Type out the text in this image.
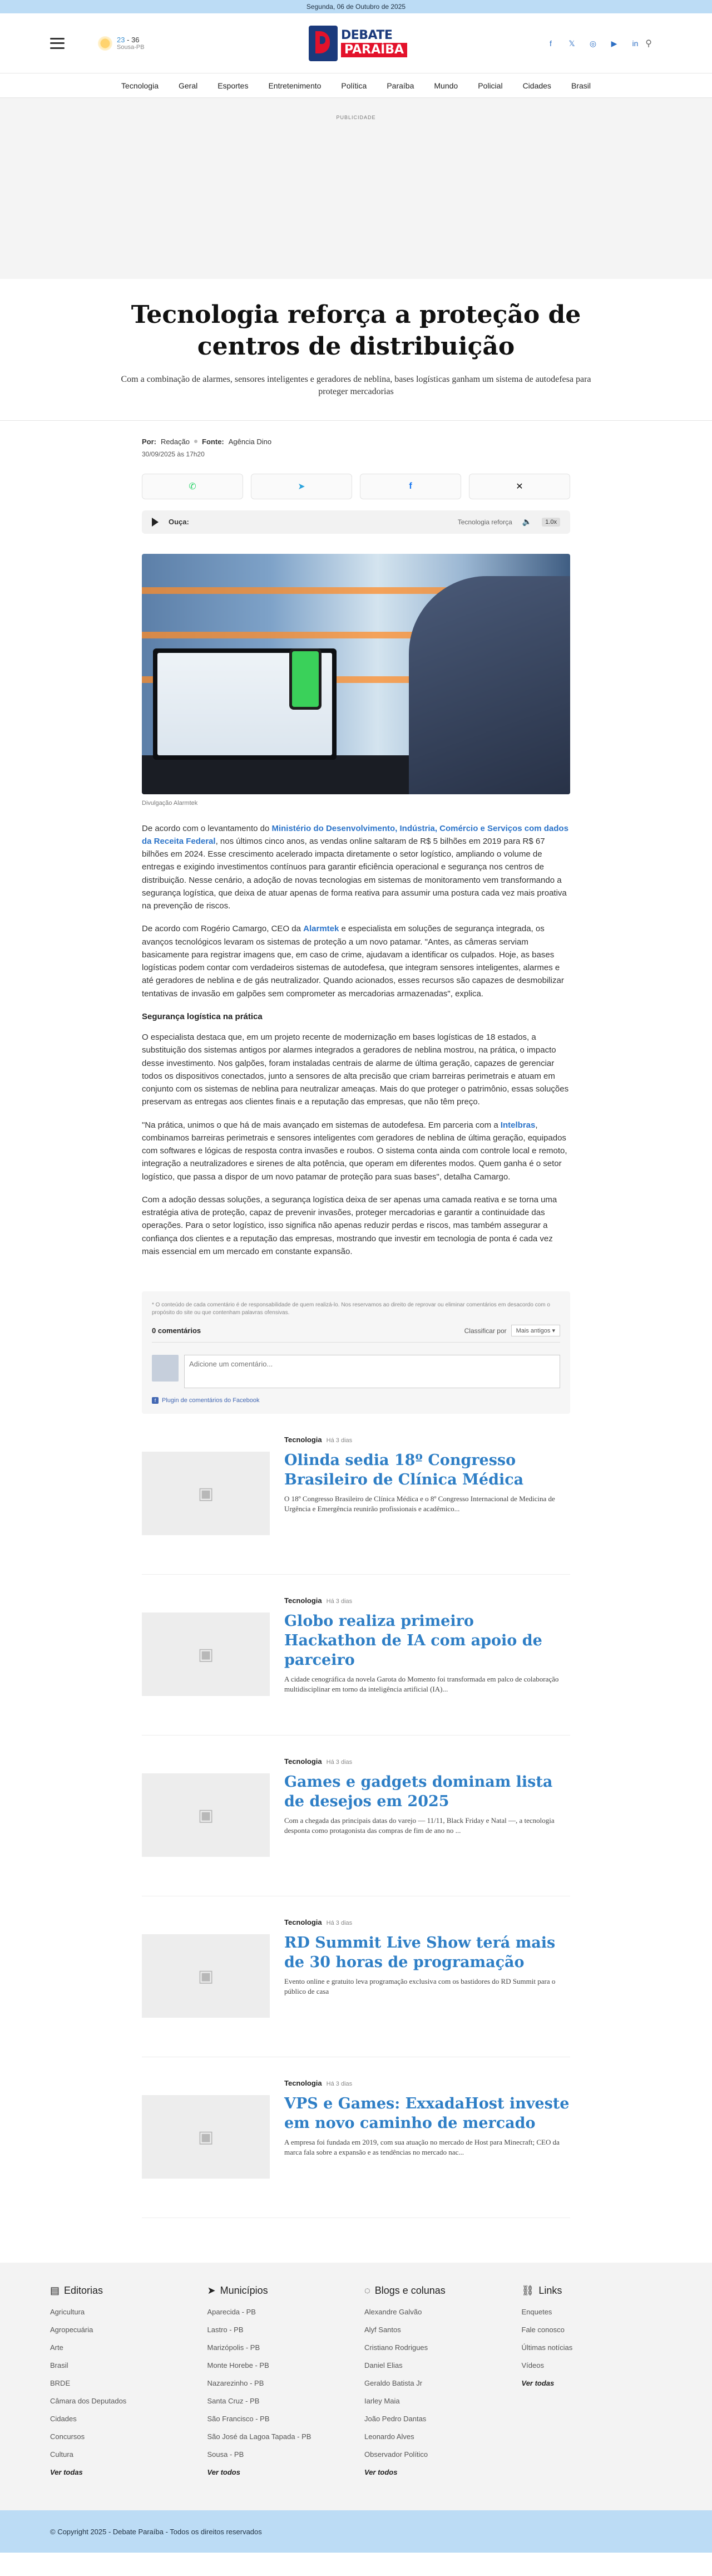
Segunda, 06 de Outubro de 2025
23 - 36
Sousa-PB
DEBATE
PARAÍBA	f	𝕏 ◎ ▶ in ⚲
Tecnologia	Geral	Esportes	Entretenimento	Política	Paraíba	Mundo	Policial	Cidades	Brasil
PUBLICIDADE
Tecnologia reforça a proteção de centros de distribuição
Com a combinação de alarmes, sensores inteligentes e geradores de neblina, bases logísticas ganham um sistema de autodefesa para proteger mercadorias
Por: Redação Fonte: Agência Dino
30/09/2025 às 17h20
✆	➤	f	✕
Ouça:	Tecnologia reforça 🔈	1.0x
Divulgação Alarmtek

De acordo com o levantamento do Ministério do Desenvolvimento, Indústria, Comércio e Serviços com dados da Receita Federal, nos últimos cinco anos, as vendas online saltaram de R$ 5 bilhões em 2019 para R$ 67 bilhões em 2024. Esse crescimento acelerado impacta diretamente o setor logístico, ampliando o volume de entregas e exigindo investimentos contínuos para garantir eficiência operacional e segurança nos centros de distribuição. Nesse cenário, a adoção de novas tecnologias em sistemas de monitoramento vem transformando a segurança logística, que deixa de atuar apenas de forma reativa para assumir uma postura cada vez mais proativa na prevenção de riscos.

De acordo com Rogério Camargo, CEO da Alarmtek e especialista em soluções de segurança integrada, os avanços tecnológicos levaram os sistemas de proteção a um novo patamar. "Antes, as câmeras serviam basicamente para registrar imagens que, em caso de crime, ajudavam a identificar os culpados. Hoje, as bases logísticas podem contar com verdadeiros sistemas de autodefesa, que integram sensores inteligentes, alarmes e até geradores de neblina e de gás neutralizador. Quando acionados, esses recursos são capazes de desmobilizar tentativas de invasão em galpões sem comprometer as mercadorias armazenadas", explica.

Segurança logística na prática

O especialista destaca que, em um projeto recente de modernização em bases logísticas de 18 estados, a substituição dos sistemas antigos por alarmes integrados a geradores de neblina mostrou, na prática, o impacto desse investimento. Nos galpões, foram instaladas centrais de alarme de última geração, capazes de gerenciar todos os dispositivos conectados, junto a sensores de alta precisão que criam barreiras perimetrais e atuam em conjunto com os sistemas de neblina para neutralizar ameaças. Mais do que proteger o patrimônio, essas soluções preservam as entregas aos clientes finais e a reputação das empresas, que não têm preço.

"Na prática, unimos o que há de mais avançado em sistemas de autodefesa. Em parceria com a Intelbras, combinamos barreiras perimetrais e sensores inteligentes com geradores de neblina de última geração, equipados com softwares e lógicas de resposta contra invasões e roubos. O sistema conta ainda com controle local e remoto, integração a neutralizadores e sirenes de alta potência, que operam em diferentes modos. Quem ganha é o setor logístico, que passa a dispor de um novo patamar de proteção para suas bases", detalha Camargo.

Com a adoção dessas soluções, a segurança logística deixa de ser apenas uma camada reativa e se torna uma estratégia ativa de proteção, capaz de prevenir invasões, proteger mercadorias e garantir a continuidade das operações. Para o setor logístico, isso significa não apenas reduzir perdas e riscos, mas também assegurar a confiança dos clientes e a reputação das empresas, mostrando que investir em tecnologia de ponta é cada vez mais essencial em um mercado em constante expansão.

* O conteúdo de cada comentário é de responsabilidade de quem realizá-lo. Nos reservamos ao direito de reprovar ou eliminar comentários em desacordo com o propósito do site ou que contenham palavras ofensivas.
0 comentários	Classificar por	Mais antigos ▾
Adicione um comentário...
f Plugin de comentários do Facebook
▣
Tecnologia Há 3 dias
Olinda sedia 18º Congresso Brasileiro de Clínica Médica

O 18º Congresso Brasileiro de Clínica Médica e o 8º Congresso Internacional de Medicina de Urgência e Emergência reunirão profissionais e acadêmico...

▣
Tecnologia Há 3 dias
Globo realiza primeiro Hackathon de IA com apoio de parceiro

A cidade cenográfica da novela Garota do Momento foi transformada em palco de colaboração multidisciplinar em torno da inteligência artificial (IA)...

▣
Tecnologia Há 3 dias
Games e gadgets dominam lista de desejos em 2025

Com a chegada das principais datas do varejo — 11/11, Black Friday e Natal —, a tecnologia desponta como protagonista das compras de fim de ano no ...

▣
Tecnologia Há 3 dias
RD Summit Live Show terá mais de 30 horas de programação

Evento online e gratuito leva programação exclusiva com os bastidores do RD Summit para o público de casa

▣
Tecnologia Há 3 dias
VPS e Games: ExxadaHost investe em novo caminho de mercado

A empresa foi fundada em 2019, com sua atuação no mercado de Host para Minecraft; CEO da marca fala sobre a expansão e as tendências no mercado nac...

▤ Editorias
Agricultura
Agropecuária
Arte
Brasil
BRDE
Câmara dos Deputados
Cidades
Concursos
Cultura
Ver todas
➤ Municípios
Aparecida - PB
Lastro - PB
Marizópolis - PB
Monte Horebe - PB
Nazarezinho - PB
Santa Cruz - PB
São Francisco - PB
São José da Lagoa Tapada - PB
Sousa - PB
Ver todos
◌ Blogs e colunas
Alexandre Galvão
Alyf Santos
Cristiano Rodrigues
Daniel Elias
Geraldo Batista Jr
Iarley Maia
João Pedro Dantas
Leonardo Alves
Observador Político
Ver todos
⛓ Links
Enquetes
Fale conosco
Últimas notícias
Vídeos
Ver todas
© Copyright 2025 - Debate Paraíba - Todos os direitos reservados
